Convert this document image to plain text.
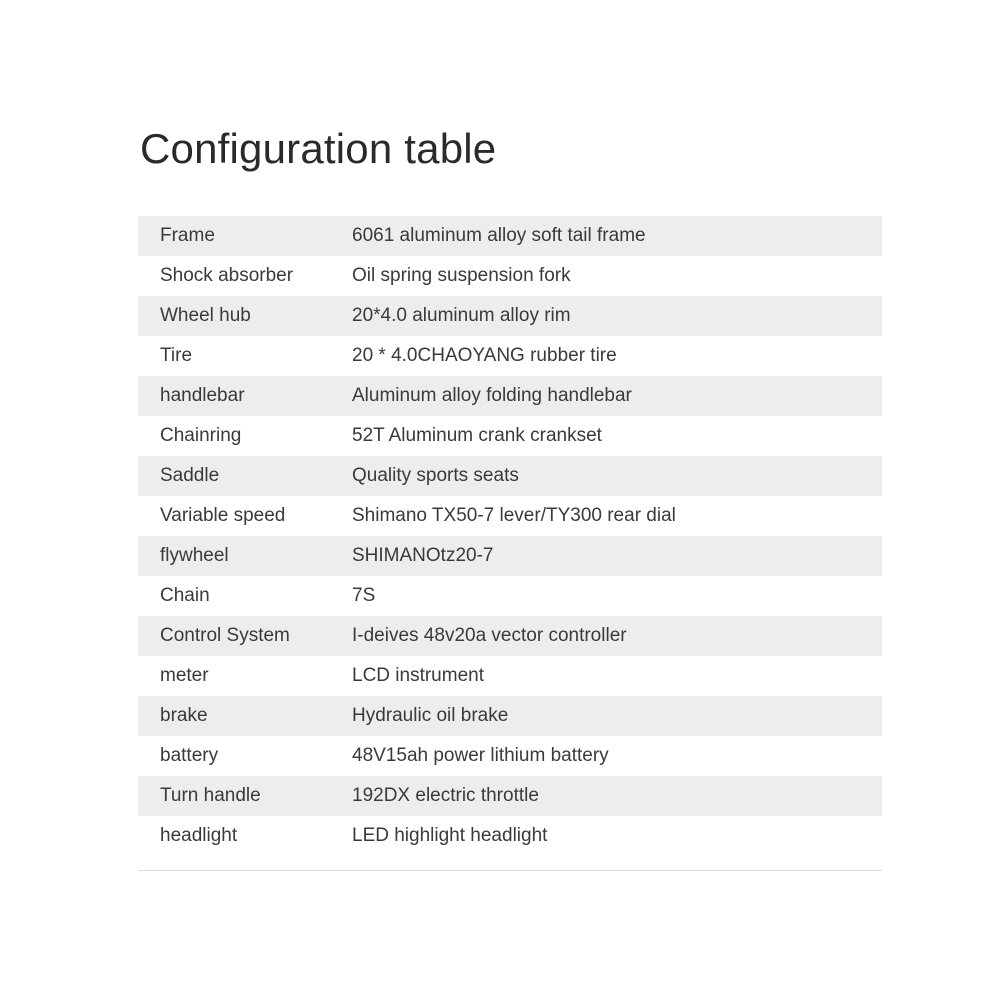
Configuration table
Frame	6061 aluminum alloy soft tail frame
Shock absorber	Oil spring suspension fork
Wheel hub	20*4.0 aluminum alloy rim
Tire	20 * 4.0CHAOYANG rubber tire
handlebar	Aluminum alloy folding handlebar
Chainring	52T Aluminum crank crankset
Saddle	Quality sports seats
Variable speed	Shimano TX50-7 lever/TY300 rear dial
flywheel	SHIMANOtz20-7
Chain	7S
Control System	I-deives 48v20a vector controller
meter	LCD instrument
brake	Hydraulic oil brake
battery	48V15ah power lithium battery
Turn handle	192DX electric throttle
headlight	LED highlight headlight
